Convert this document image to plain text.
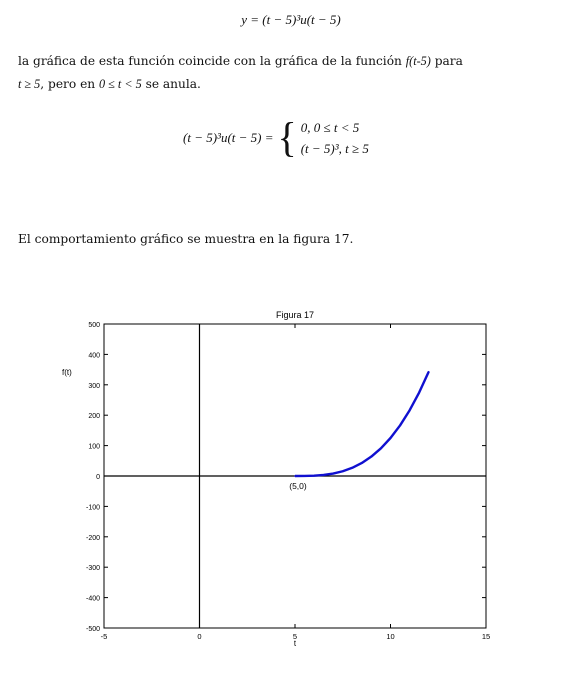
y = (t − 5)³u(t − 5)
la gráfica de esta función coincide con la gráfica de la función f(t-5) para
t ≥ 5, pero en 0 ≤ t < 5 se anula.
(t − 5)³u(t − 5) = { 0, 0 ≤ t < 5
(t − 5)³, t ≥ 5
El comportamiento gráfico se muestra en la figura 17.
Figura 17
f(t)
t
-5	0	5	10	15
-500
-400
-300
-200
-100
0
100
200
300
400
500
(5,0)
